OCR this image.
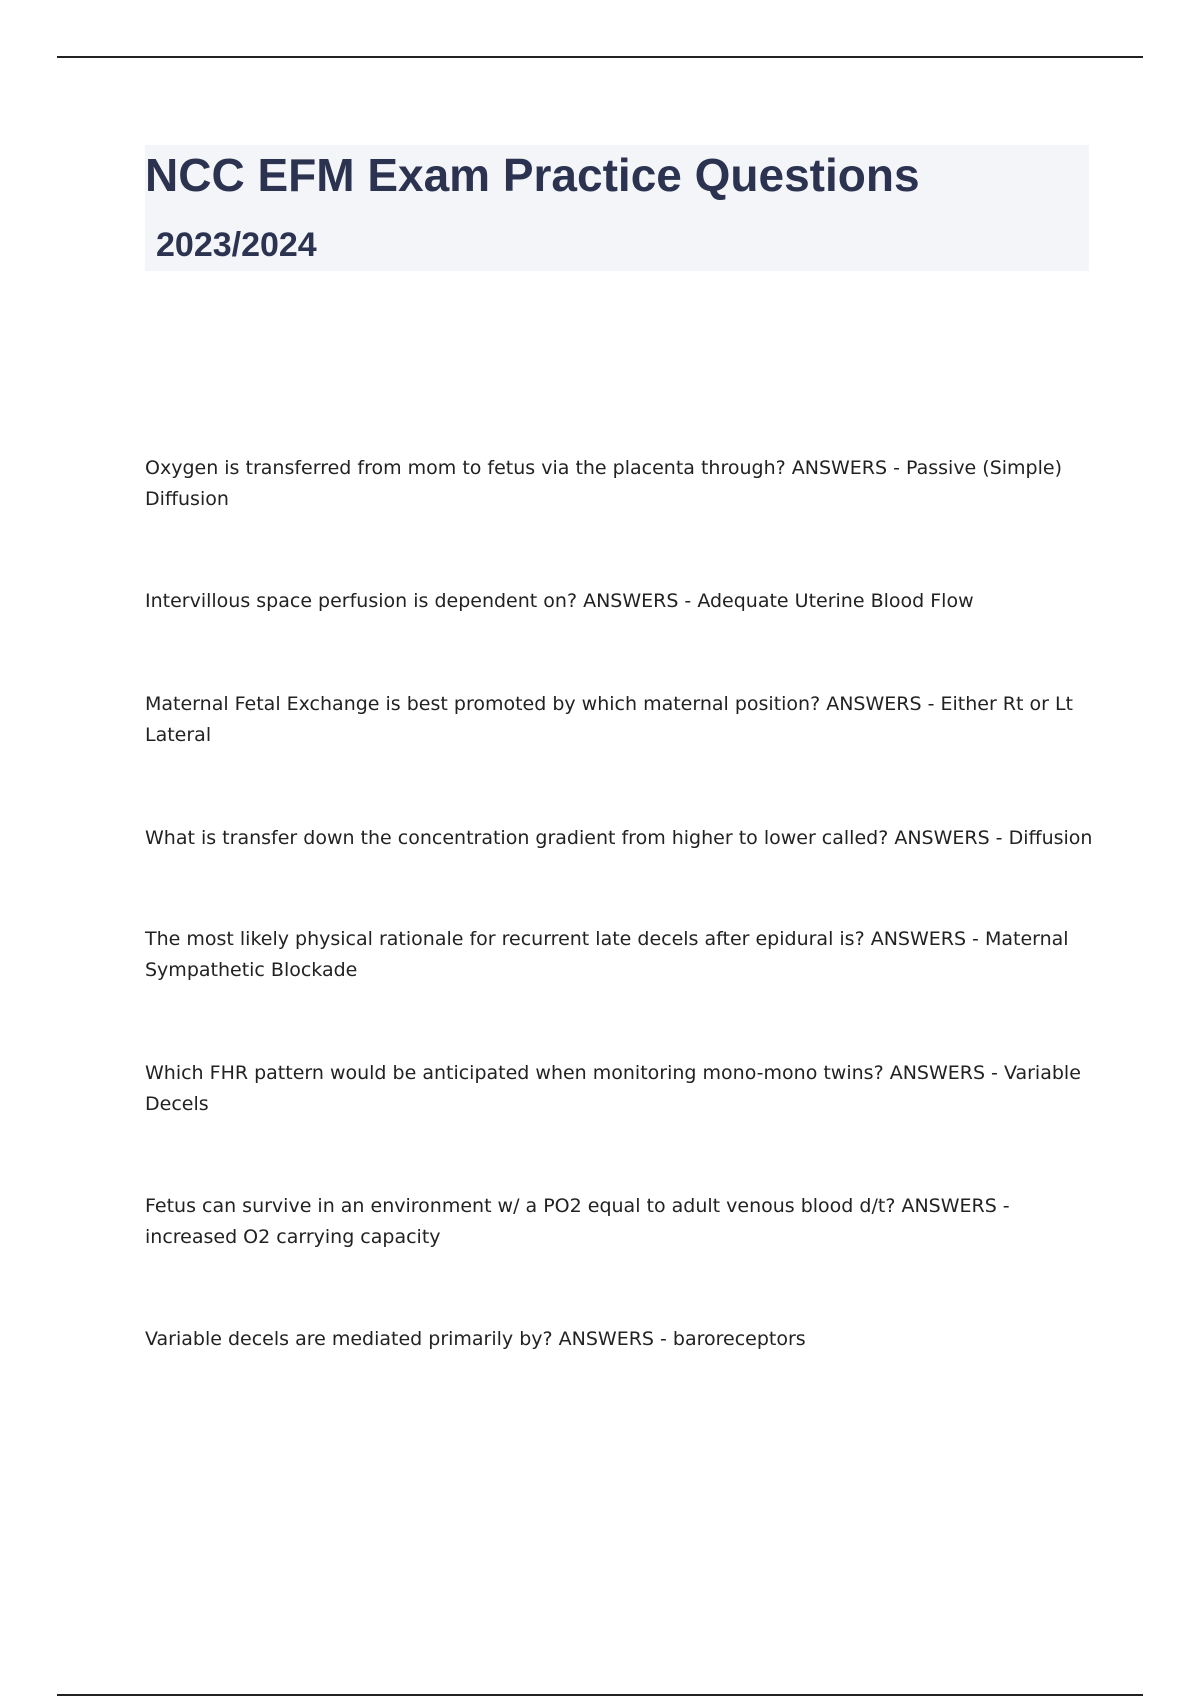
NCC EFM Exam Practice Questions
2023/2024
Oxygen is transferred from mom to fetus via the placenta through? ANSWERS - Passive (Simple) Diffusion
Intervillous space perfusion is dependent on? ANSWERS - Adequate Uterine Blood Flow
Maternal Fetal Exchange is best promoted by which maternal position? ANSWERS - Either Rt or Lt Lateral
What is transfer down the concentration gradient from higher to lower called? ANSWERS - Diffusion
The most likely physical rationale for recurrent late decels after epidural is? ANSWERS - Maternal Sympathetic Blockade
Which FHR pattern would be anticipated when monitoring mono-mono twins? ANSWERS - Variable Decels
Fetus can survive in an environment w/ a PO2 equal to adult venous blood d/t? ANSWERS - increased O2 carrying capacity
Variable decels are mediated primarily by? ANSWERS - baroreceptors
